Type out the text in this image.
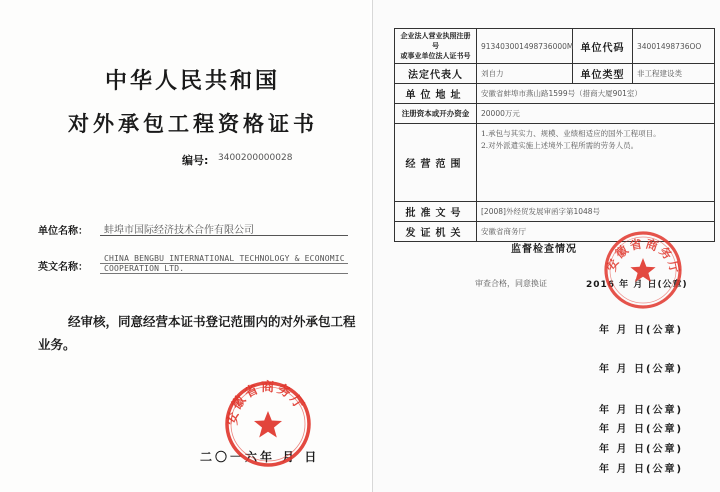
中华人民共和国
对外承包工程资格证书
编号: 3400200000028
单位名称： 蚌埠市国际经济技术合作有限公司
英文名称：
CHINA BENGBU INTERNATIONAL TECHNOLOGY & ECONOMIC
COOPERATION LTD.
经审核，同意经营本证书登记范围内的对外承包工程
业务。
二〇一六年 月 日
安徽省商务厅
企业法人营业执照注册号
或事业单位法人证书号	913403001498736000M	单位代码	34001498736OO
法定代表人	刘自力	单位类型	非工程建设类
单位地址	安徽省蚌埠市燕山路1599号（措商大厦901室）		
注册资本或开办资金	20000万元		
经营范围	1.承包与其实力、规模、业绩相适应的国外工程项目。
2.对外派遣实施上述境外工程所需的劳务人员。		

批准文号	[2008]外经贸发展审函字第1048号		
发证机关	安徽省商务厅		
监督检查情况
审查合格，同意换证	2016 年 月 日(公章)
年 月 日(公章)
年 月 日(公章)
年 月 日(公章)
年 月 日(公章)
年 月 日(公章)
年 月 日(公章)
安徽省商务厅
